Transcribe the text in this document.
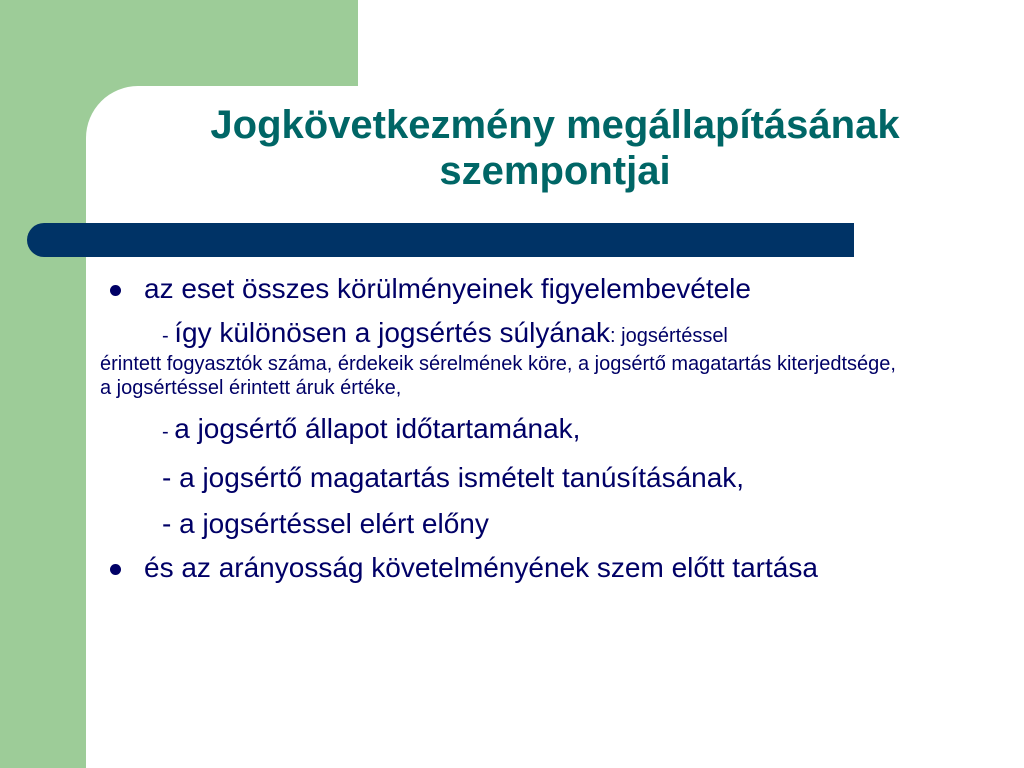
Jogkövetkezmény megállapításának
szempontjai
az eset összes körülményeinek figyelembevétele
- így különösen a jogsértés súlyának: jogsértéssel
érintett fogyasztók száma, érdekeik sérelmének köre, a jogsértő magatartás kiterjedtsége, a jogsértéssel érintett áruk értéke,
- a jogsértő állapot időtartamának,
- a jogsértő magatartás ismételt tanúsításának,
- a jogsértéssel elért előny
és az arányosság követelményének szem előtt tartása
